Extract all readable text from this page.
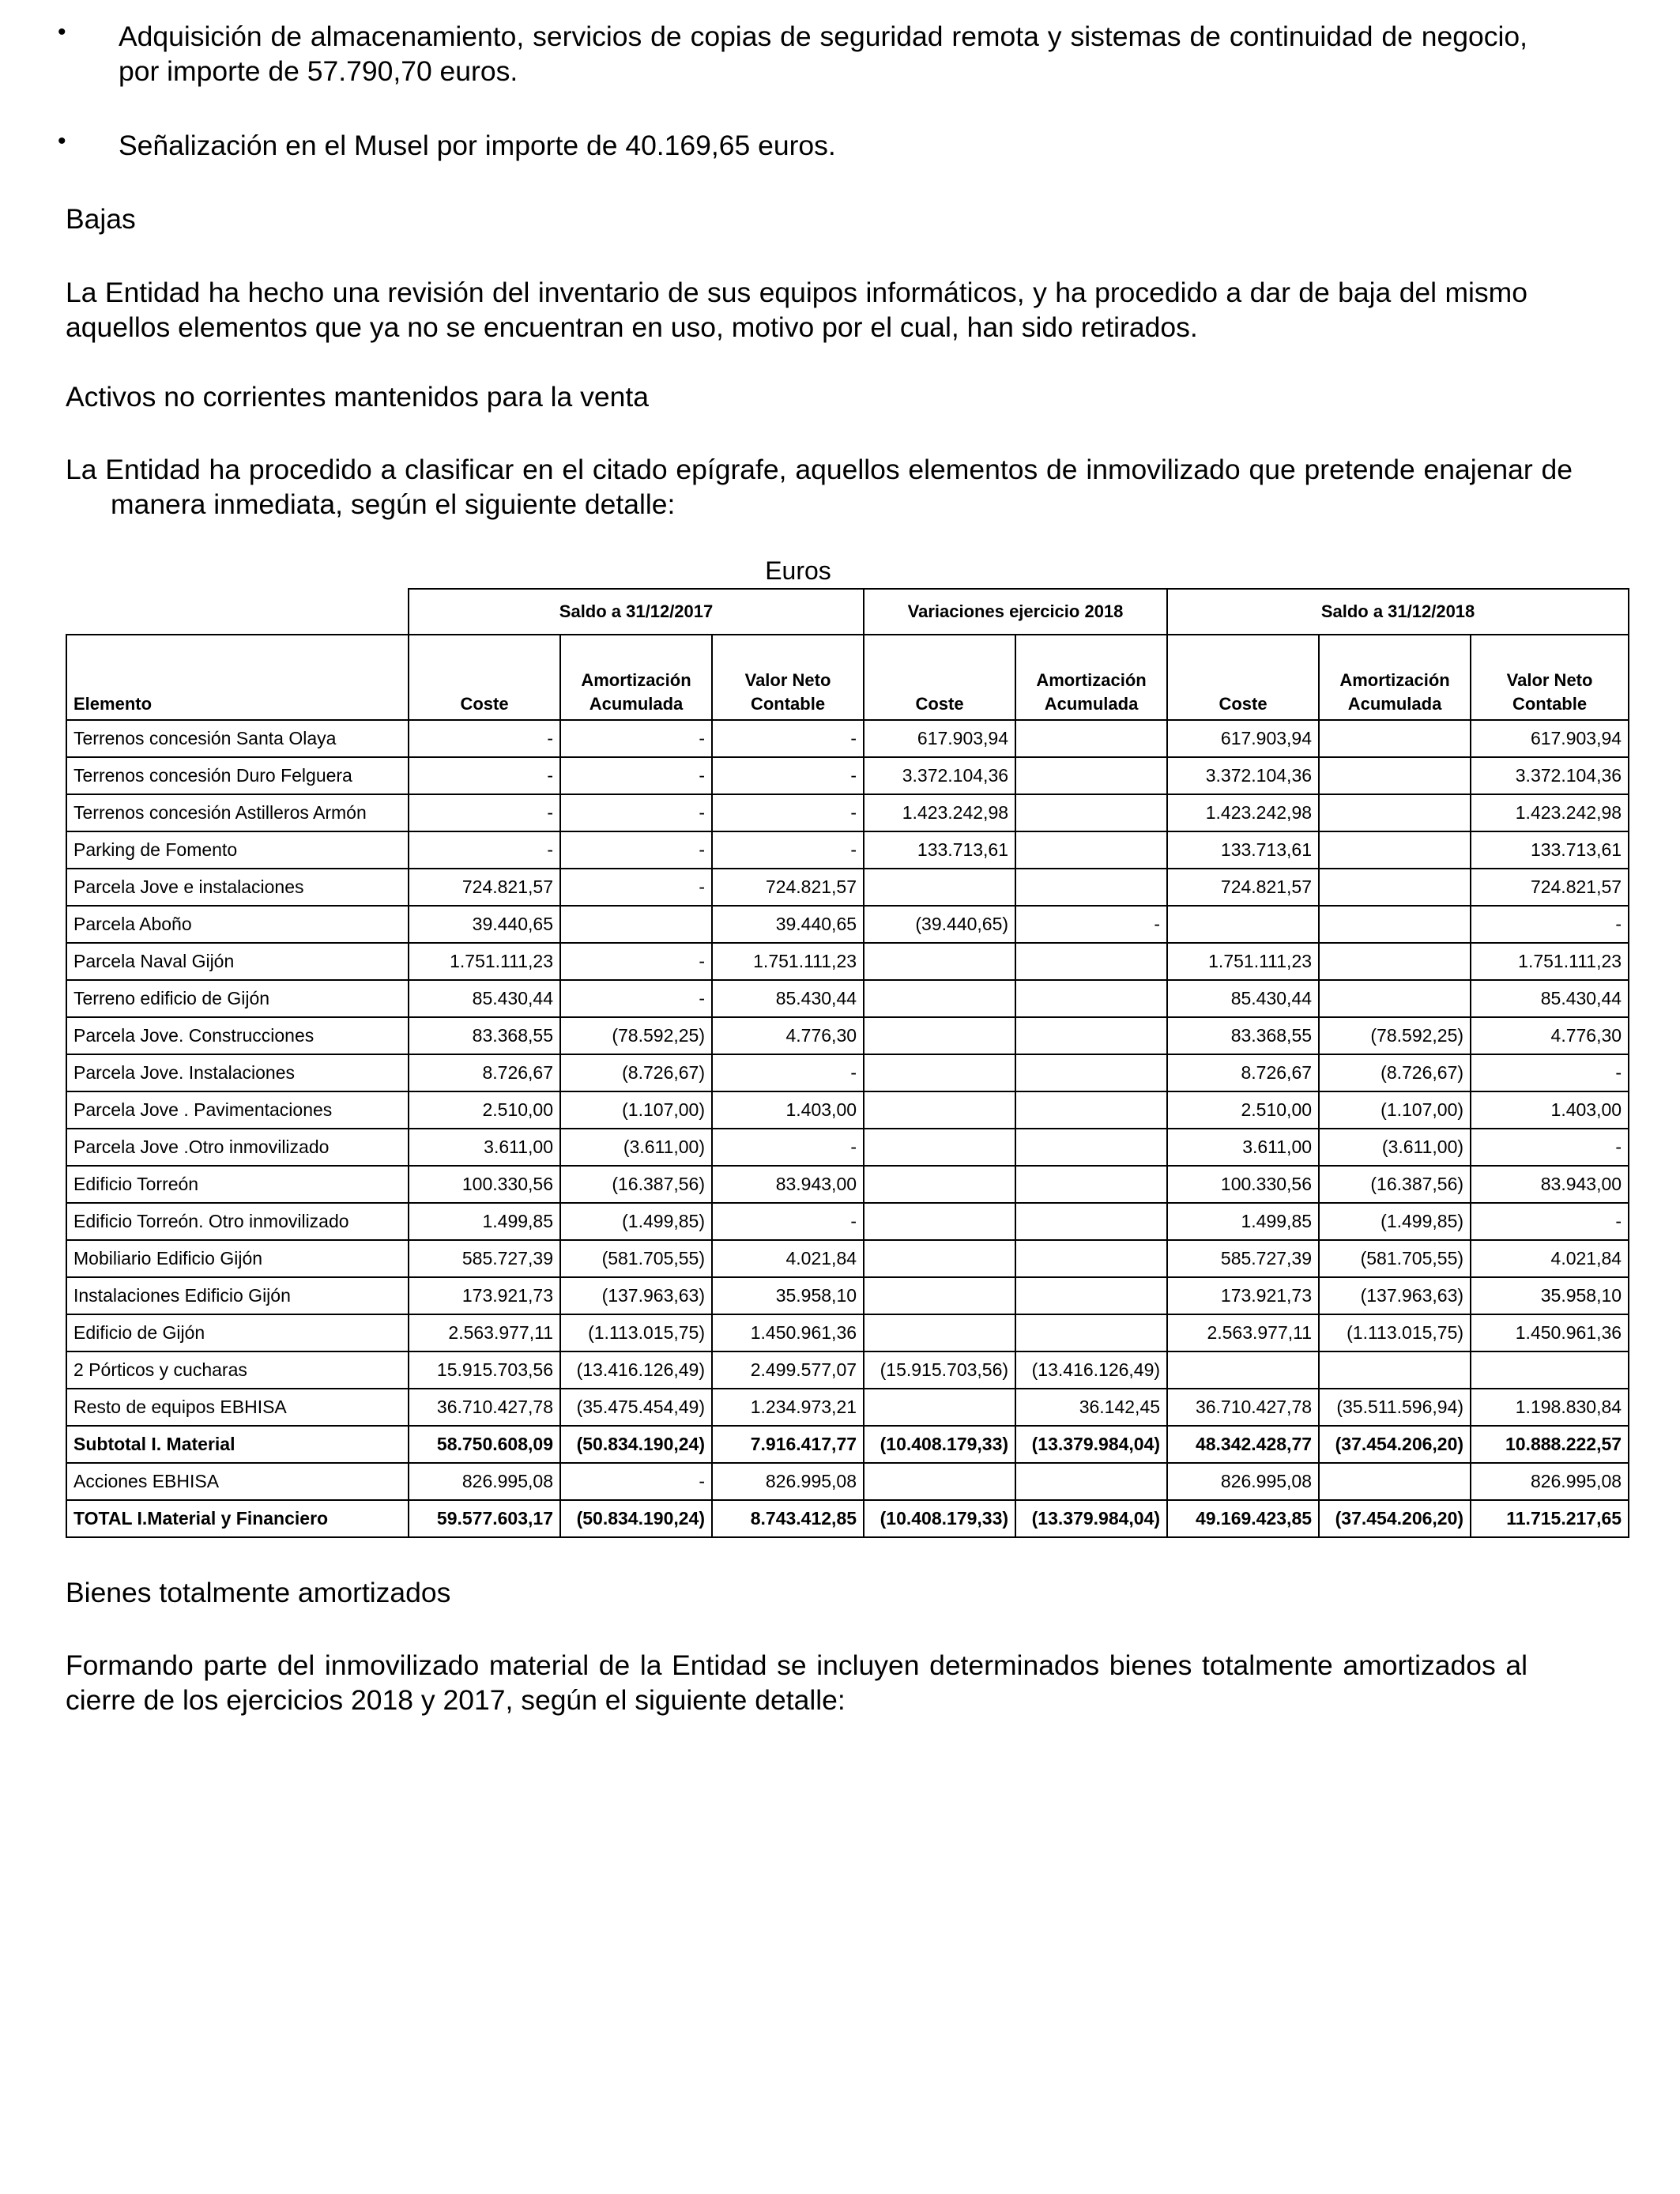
• Adquisición de almacenamiento, servicios de copias de seguridad remota y sistemas de continuidad de negocio, por importe de 57.790,70 euros.
• Señalización en el Musel por importe de 40.169,65 euros.
Bajas
La Entidad ha hecho una revisión del inventario de sus equipos informáticos, y ha procedido a dar de baja del mismo aquellos elementos que ya no se encuentran en uso, motivo por el cual, han sido retirados.
Activos no corrientes mantenidos para la venta
La Entidad ha procedido a clasificar en el citado epígrafe, aquellos elementos de inmovilizado que pretende enajenar de manera inmediata, según el siguiente detalle:
Euros
	Saldo a 31/12/2017			Variaciones ejercicio 2018		Saldo a 31/12/2018		
Elemento	Coste	Amortización Acumulada	Valor Neto Contable	Coste	Amortización Acumulada	Coste	Amortización Acumulada	Valor Neto Contable
Terrenos concesión Santa Olaya	-	-	-	617.903,94		617.903,94		617.903,94
Terrenos concesión Duro Felguera	-	-	-	3.372.104,36		3.372.104,36		3.372.104,36
Terrenos concesión Astilleros Armón	-	-	-	1.423.242,98		1.423.242,98		1.423.242,98
Parking de Fomento	-	-	-	133.713,61		133.713,61		133.713,61
Parcela Jove e instalaciones	724.821,57	-	724.821,57			724.821,57		724.821,57
Parcela Aboño	39.440,65		39.440,65	(39.440,65)	-			-
Parcela Naval Gijón	1.751.111,23	-	1.751.111,23			1.751.111,23		1.751.111,23
Terreno edificio de Gijón	85.430,44	-	85.430,44			85.430,44		85.430,44
Parcela Jove. Construcciones	83.368,55	(78.592,25)	4.776,30			83.368,55	(78.592,25)	4.776,30
Parcela Jove. Instalaciones	8.726,67	(8.726,67)	-			8.726,67	(8.726,67)	-
Parcela Jove . Pavimentaciones	2.510,00	(1.107,00)	1.403,00			2.510,00	(1.107,00)	1.403,00
Parcela Jove .Otro inmovilizado	3.611,00	(3.611,00)	-			3.611,00	(3.611,00)	-
Edificio Torreón	100.330,56	(16.387,56)	83.943,00			100.330,56	(16.387,56)	83.943,00
Edificio Torreón. Otro inmovilizado	1.499,85	(1.499,85)	-			1.499,85	(1.499,85)	-
Mobiliario Edificio Gijón	585.727,39	(581.705,55)	4.021,84			585.727,39	(581.705,55)	4.021,84
Instalaciones Edificio Gijón	173.921,73	(137.963,63)	35.958,10			173.921,73	(137.963,63)	35.958,10
Edificio de Gijón	2.563.977,11	(1.113.015,75)	1.450.961,36			2.563.977,11	(1.113.015,75)	1.450.961,36
2 Pórticos y cucharas	15.915.703,56	(13.416.126,49)	2.499.577,07	(15.915.703,56)	(13.416.126,49)			
Resto de equipos EBHISA	36.710.427,78	(35.475.454,49)	1.234.973,21		36.142,45	36.710.427,78	(35.511.596,94)	1.198.830,84
Subtotal I. Material	58.750.608,09	(50.834.190,24)	7.916.417,77	(10.408.179,33)	(13.379.984,04)	48.342.428,77	(37.454.206,20)	10.888.222,57
Acciones EBHISA	826.995,08	-	826.995,08			826.995,08		826.995,08
TOTAL I.Material y Financiero	59.577.603,17	(50.834.190,24)	8.743.412,85	(10.408.179,33)	(13.379.984,04)	49.169.423,85	(37.454.206,20)	11.715.217,65
Bienes totalmente amortizados
Formando parte del inmovilizado material de la Entidad se incluyen determinados bienes totalmente amortizados al cierre de los ejercicios 2018 y 2017, según el siguiente detalle:
